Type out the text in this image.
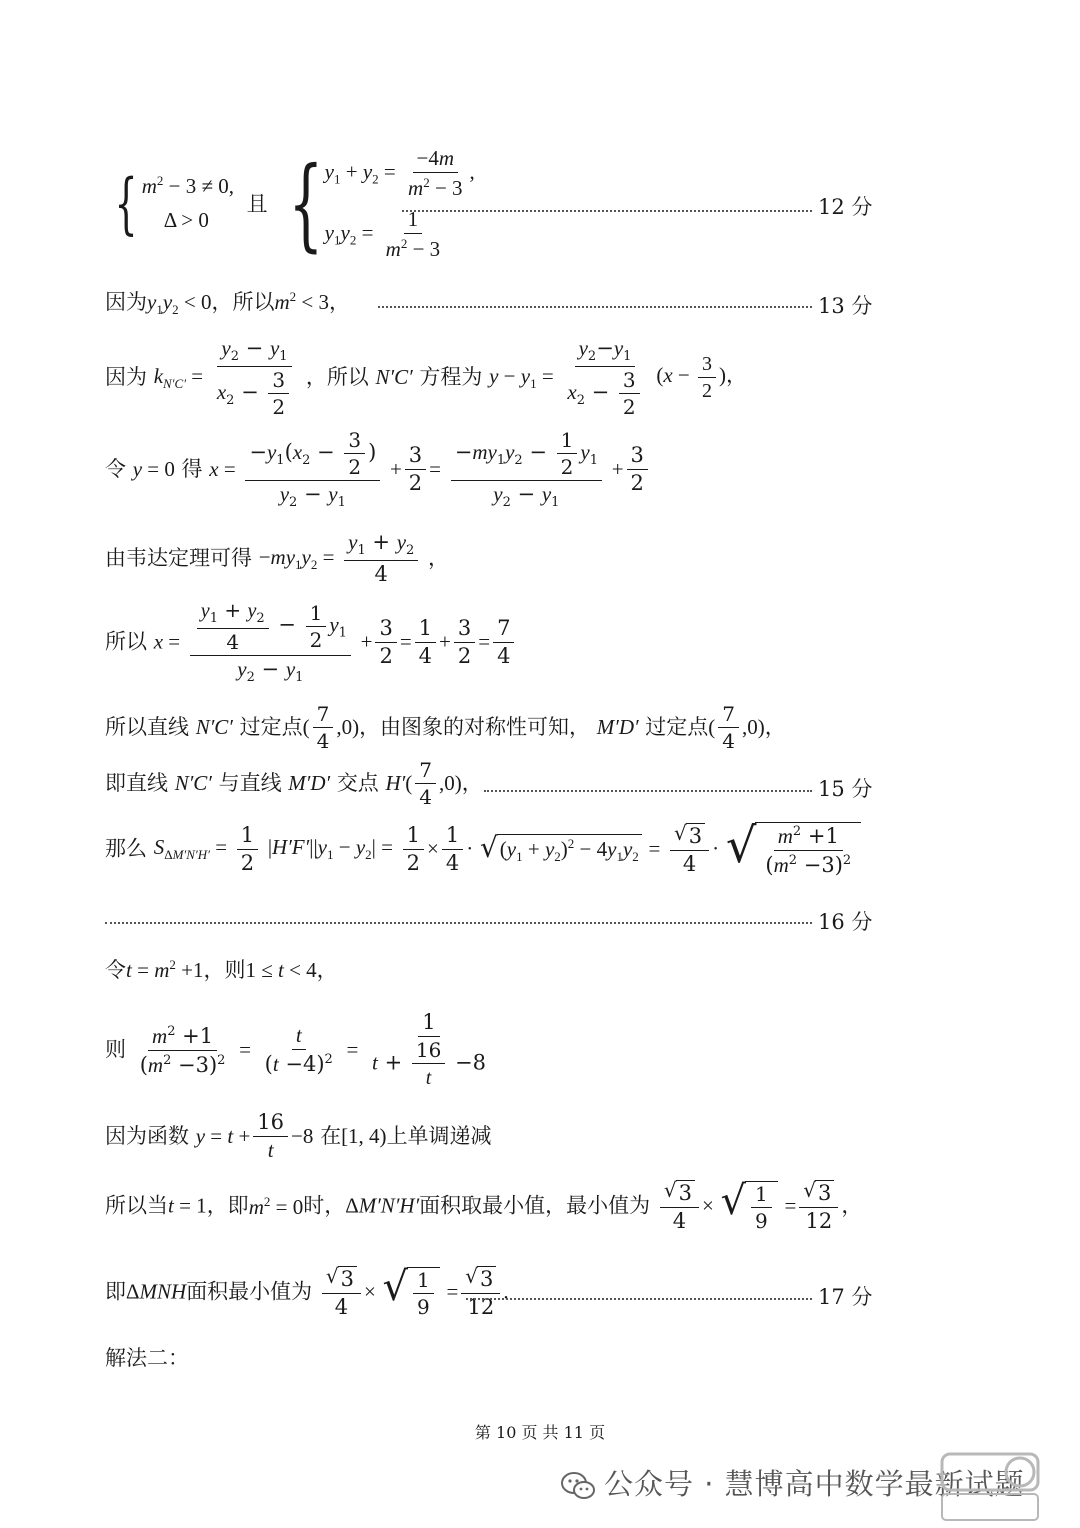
{ $m^2 - 3 \ne 0$,
Δ > 0
且 { $y_1 + y_2 = \frac{-4m}{m^2 - 3}$ ,
$y_1y_2 = \frac{1}{m^2 - 3}$
12 分
因为$y_1y_2 < 0$，所以$m^2 < 3$，	13 分
因为 $k_{N'C'} = \frac{y_2 - y_1}{x_2 - \frac{3}{2}}$ ，所以 N′C′ 方程为 $y - y_1 = \frac{y_2-y_1}{x_2 - \frac{3}{2}} (x - \frac{3}{2}$ )，
令 y = 0 得 $x = \frac{-y_1(x_2 - \frac{3}{2} )}{y_2 - y_1} + \frac{3}{2} = \frac{-my_1y_2 - \frac{1}{2} y_1}{y_2 - y_1} + \frac{3}{2}$
由韦达定理可得 $-my_1y_2 = \frac{y_1 + y_2}{4}$ ，
所以 $x = \frac{\frac{y_1 + y_2}{4} - \frac{1}{2} y_1}{y_2 - y_1} + \frac{3}{2} = \frac{1}{4} + \frac{3}{2} = \frac{7}{4}$
所以直线 N′C′ 过定点( $\frac{7}{4} ,0$)，由图象的对称性可知， M′D′ 过定点( $\frac{7}{4} ,0$)，
即直线 N′C′ 与直线 M′D′ 交点 $H'( \frac{7}{4} ,0)$，	15 分
那么 $S_{\Delta M'N'H'} = \frac{1}{2} |H'F'||y_1 - y_2| = \frac{1}{2} \times \frac{1}{4}$ · √ $(y_1 + y_2)^2 - 4y_1y_2 = \frac{√ 3}{4}$ · √ $\frac{m^2 +1}{(m^2 -3)^2}$
16 分
令$t = m^2 +1$，则1 ≤ t < 4，
则 $\frac{m^2 +1}{(m^2 -3)^2} = \frac{t}{(t -4)^2} = \frac{1}{t + \frac{16}{t} -8}$
因为函数 $y = t + \frac{16}{t} -8$ 在[1, 4)上单调递减
所以当t = 1，即$m^2 = 0$时，ΔM′N′H′面积取最小值，最小值为 $\frac{√ 3}{4}$ × √ $\frac{1}{9} = \frac{√ 3}{12}$ ，
即ΔMNH面积最小值为 $\frac{√ 3}{4}$ × √ $\frac{1}{9} = \frac{√ 3}{12}$ .	17 分
解法二：
第 10 页 共 11 页
公众号 · 慧博高中数学最新试题
